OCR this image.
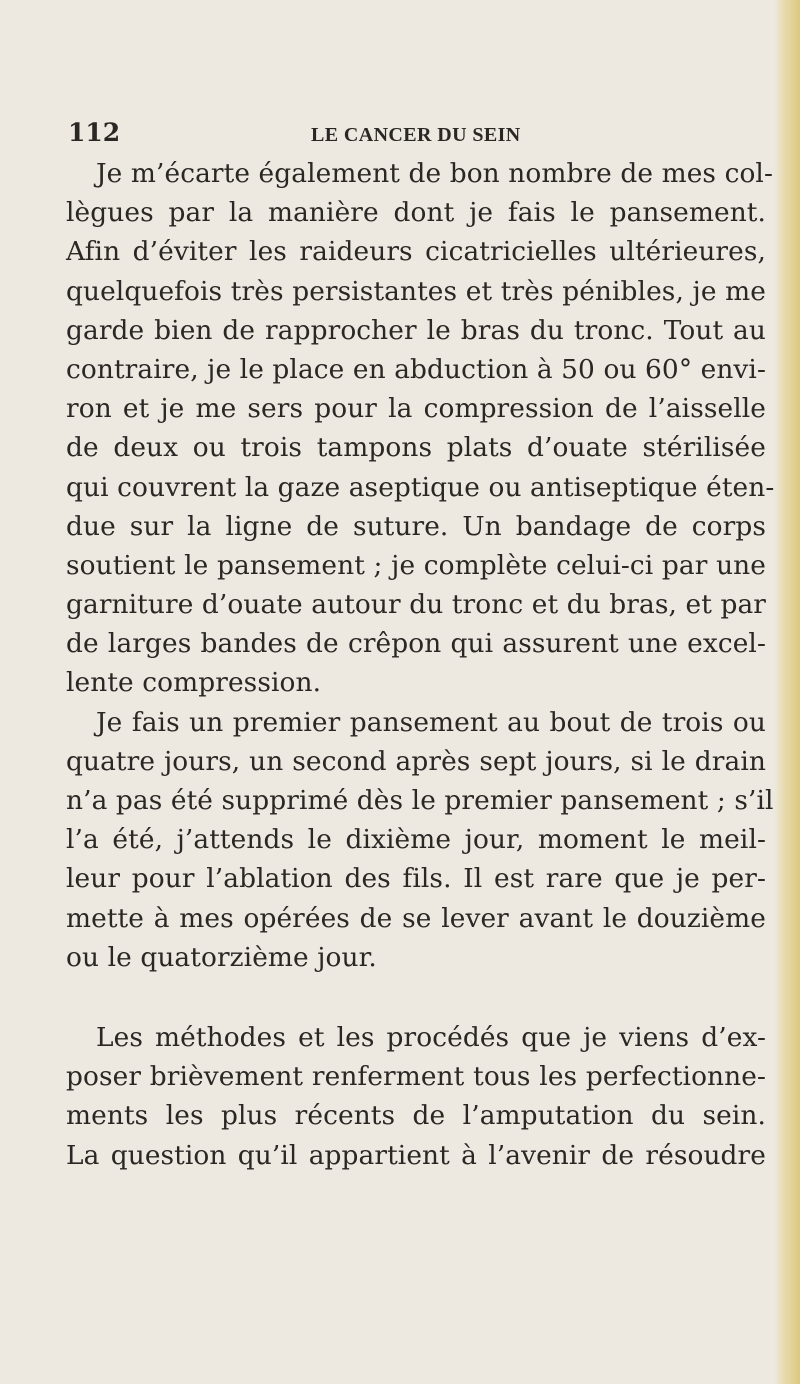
112	LE CANCER DU SEIN
Je m’écarte également de bon nombre de mes col-
lègues par la manière dont je fais le pansement.
Afin d’éviter les raideurs cicatricielles ultérieures,
quelquefois très persistantes et très pénibles, je me
garde bien de rapprocher le bras du tronc. Tout au
contraire, je le place en abduction à 50 ou 60° envi-
ron et je me sers pour la compression de l’aisselle
de deux ou trois tampons plats d’ouate stérilisée
qui couvrent la gaze aseptique ou antiseptique éten-
due sur la ligne de suture. Un bandage de corps
soutient le pansement ; je complète celui-ci par une
garniture d’ouate autour du tronc et du bras, et par
de larges bandes de crêpon qui assurent une excel-
lente compression.
Je fais un premier pansement au bout de trois ou
quatre jours, un second après sept jours, si le drain
n’a pas été supprimé dès le premier pansement ; s’il
l’a été, j’attends le dixième jour, moment le meil-
leur pour l’ablation des fils. Il est rare que je per-
mette à mes opérées de se lever avant le douzième
ou le quatorzième jour.
Les méthodes et les procédés que je viens d’ex-
poser brièvement renferment tous les perfectionne-
ments les plus récents de l’amputation du sein.
La question qu’il appartient à l’avenir de résoudre
